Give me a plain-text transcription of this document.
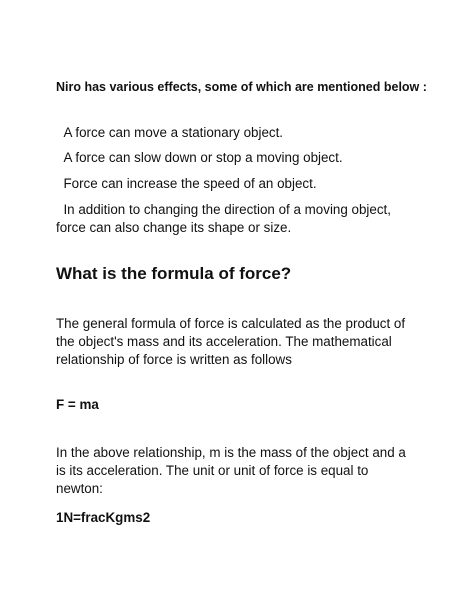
Niro has various effects, some of which are mentioned below :

A force can move a stationary object.

A force can slow down or stop a moving object.

Force can increase the speed of an object.

In addition to changing the direction of a moving object, force can also change its shape or size.

What is the formula of force?

The general formula of force is calculated as the product of the object's mass and its acceleration. The mathematical relationship of force is written as follows

F = ma

In the above relationship, m is the mass of the object and a is its acceleration. The unit or unit of force is equal to newton:

1N=fracKgms2
